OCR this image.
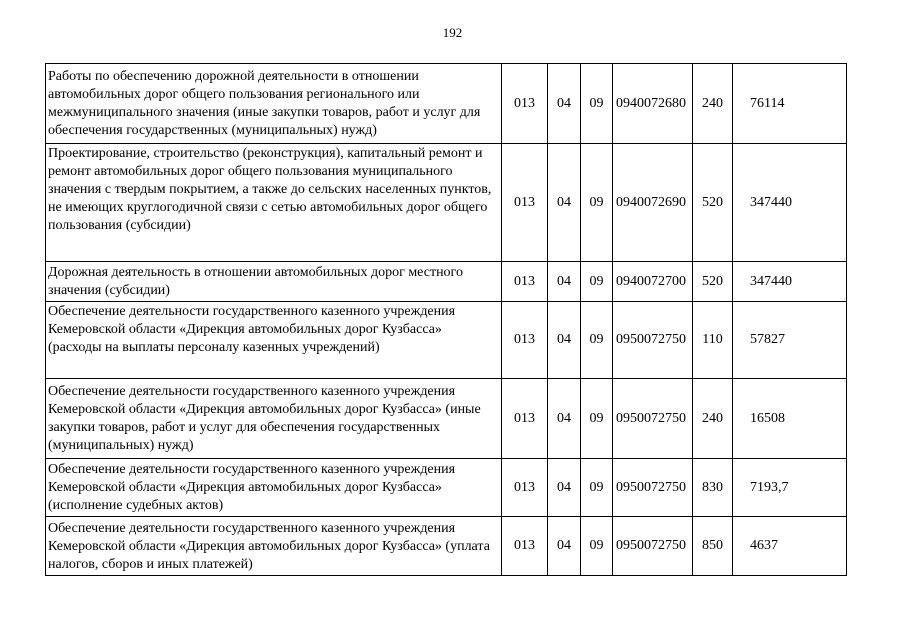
192
Работы по обеспечению дорожной деятельности в отношении автомобильных дорог общего пользования регионального или межмуниципального значения (иные закупки товаров, работ и услуг для обеспечения государственных (муниципальных) нужд)	013	04	09	0940072680	240	76114
Проектирование, строительство (реконструкция), капитальный ремонт и ремонт автомобильных дорог общего пользования муниципального значения с твердым покрытием, а также до сельских населенных пунктов, не имеющих круглогодичной связи с сетью автомобильных дорог общего пользования (субсидии)	013	04	09	0940072690	520	347440
Дорожная деятельность в отношении автомобильных дорог местного значения (субсидии)	013	04	09	0940072700	520	347440
Обеспечение деятельности государственного казенного учреждения Кемеровской области «Дирекция автомобильных дорог Кузбасса» (расходы на выплаты персоналу казенных учреждений)	013	04	09	0950072750	110	57827
Обеспечение деятельности государственного казенного учреждения Кемеровской области «Дирекция автомобильных дорог Кузбасса» (иные закупки товаров, работ и услуг для обеспечения государственных (муниципальных) нужд)	013	04	09	0950072750	240	16508
Обеспечение деятельности государственного казенного учреждения Кемеровской области «Дирекция автомобильных дорог Кузбасса» (исполнение судебных актов)	013	04	09	0950072750	830	7193,7
Обеспечение деятельности государственного казенного учреждения Кемеровской области «Дирекция автомобильных дорог Кузбасса» (уплата налогов, сборов и иных платежей)	013	04	09	0950072750	850	4637
